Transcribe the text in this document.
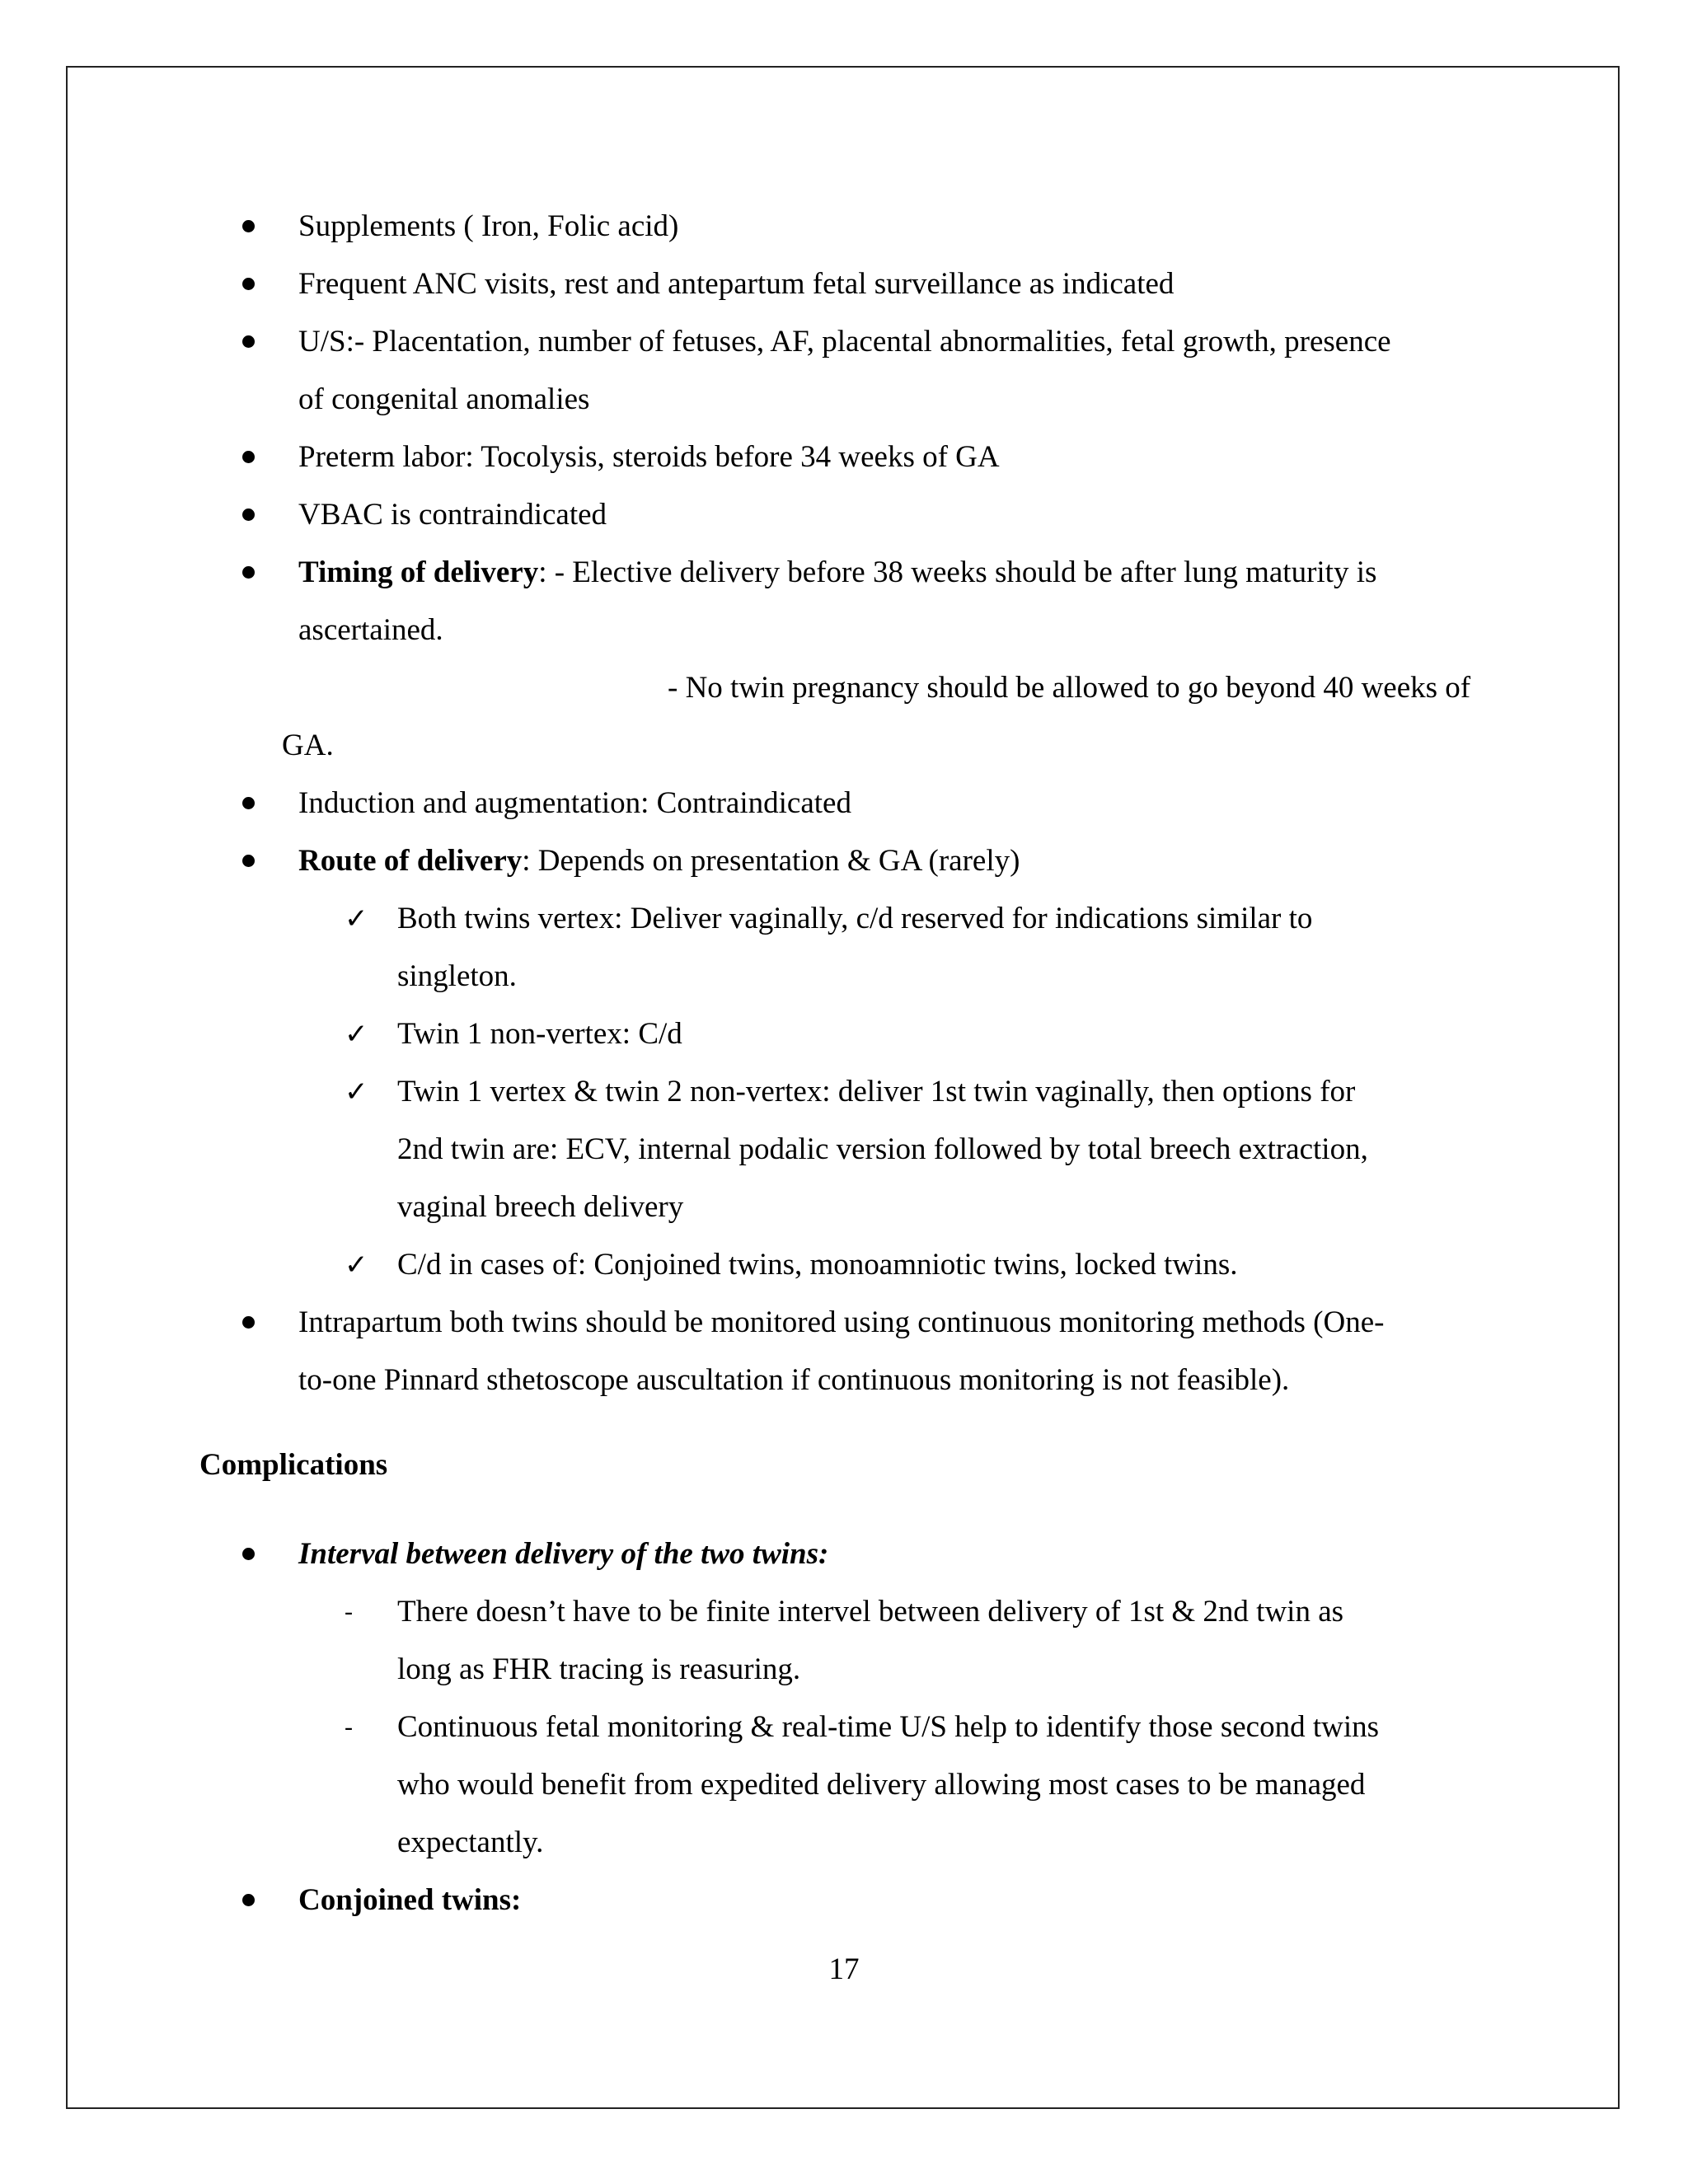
Supplements ( Iron, Folic acid)
Frequent ANC visits, rest and antepartum fetal surveillance as indicated
U/S:- Placentation, number of fetuses, AF, placental abnormalities, fetal growth, presence
of congenital anomalies
Preterm labor: Tocolysis, steroids before 34 weeks of GA
VBAC is contraindicated
Timing of delivery: - Elective delivery before 38 weeks should be after lung maturity is
ascertained.
- No twin pregnancy should be allowed to go beyond 40 weeks of
GA.
Induction and augmentation: Contraindicated
Route of delivery: Depends on presentation & GA (rarely)
✓ Both twins vertex: Deliver vaginally, c/d reserved for indications similar to
singleton.
✓ Twin 1 non-vertex: C/d
✓ Twin 1 vertex & twin 2 non-vertex: deliver 1st twin vaginally, then options for
2nd twin are: ECV, internal podalic version followed by total breech extraction,
vaginal breech delivery
✓ C/d in cases of: Conjoined twins, monoamniotic twins, locked twins.
Intrapartum both twins should be monitored using continuous monitoring methods (One-
to-one Pinnard sthetoscope auscultation if continuous monitoring is not feasible).
Complications
Interval between delivery of the two twins:
- There doesn’t have to be finite intervel between delivery of 1st & 2nd twin as
long as FHR tracing is reasuring.
- Continuous fetal monitoring & real-time U/S help to identify those second twins
who would benefit from expedited delivery allowing most cases to be managed
expectantly.
Conjoined twins:
17
